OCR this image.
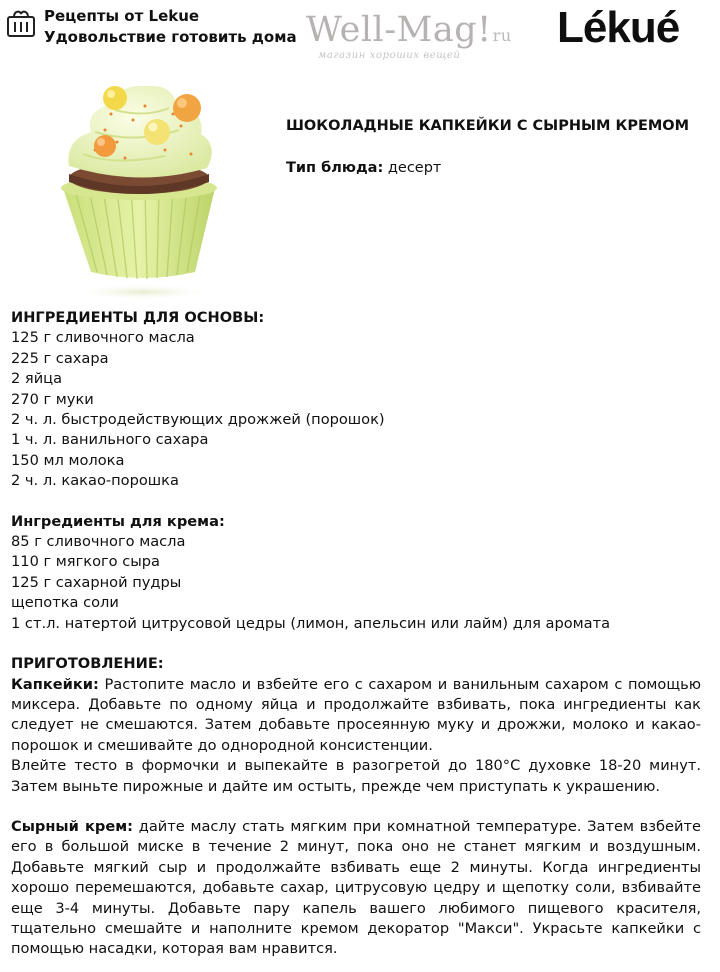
Рецепты от Lekue
Удовольствие готовить дома Well-Mag!ru
магазин хороших вещей
Lékué
ШОКОЛАДНЫЕ КАПКЕЙКИ С СЫРНЫМ КРЕМОМ
Тип блюда: десерт
ИНГРЕДИЕНТЫ ДЛЯ ОСНОВЫ:
125 г сливочного масла
225 г сахара
2 яйца
270 г муки
2 ч. л. быстродействующих дрожжей (порошок)
1 ч. л. ванильного сахара
150 мл молока
2 ч. л. какао-порошка
Ингредиенты для крема:
85 г сливочного масла
110 г мягкого сыра
125 г сахарной пудры
щепотка соли
1 ст.л. натертой цитрусовой цедры (лимон, апельсин или лайм) для аромата
ПРИГОТОВЛЕНИЕ:

Капкейки: Растопите масло и взбейте его с сахаром и ванильным сахаром с помощью миксера. Добавьте по одному яйца и продолжайте взбивать, пока ингредиенты как следует не смешаются. Затем добавьте просеянную муку и дрожжи, молоко и какао-порошок и смешивайте до однородной консистенции.

Влейте тесто в формочки и выпекайте в разогретой до 180°С духовке 18-20 минут. Затем выньте пирожные и дайте им остыть, прежде чем приступать к украшению.

Сырный крем: дайте маслу стать мягким при комнатной температуре. Затем взбейте его в большой миске в течение 2 минут, пока оно не станет мягким и воздушным. Добавьте мягкий сыр и продолжайте взбивать еще 2 минуты. Когда ингредиенты хорошо перемешаются, добавьте сахар, цитрусовую цедру и щепотку соли, взбивайте еще 3-4 минуты. Добавьте пару капель вашего любимого пищевого красителя, тщательно смешайте и наполните кремом декоратор "Макси". Украсьте капкейки с помощью насадки, которая вам нравится.
